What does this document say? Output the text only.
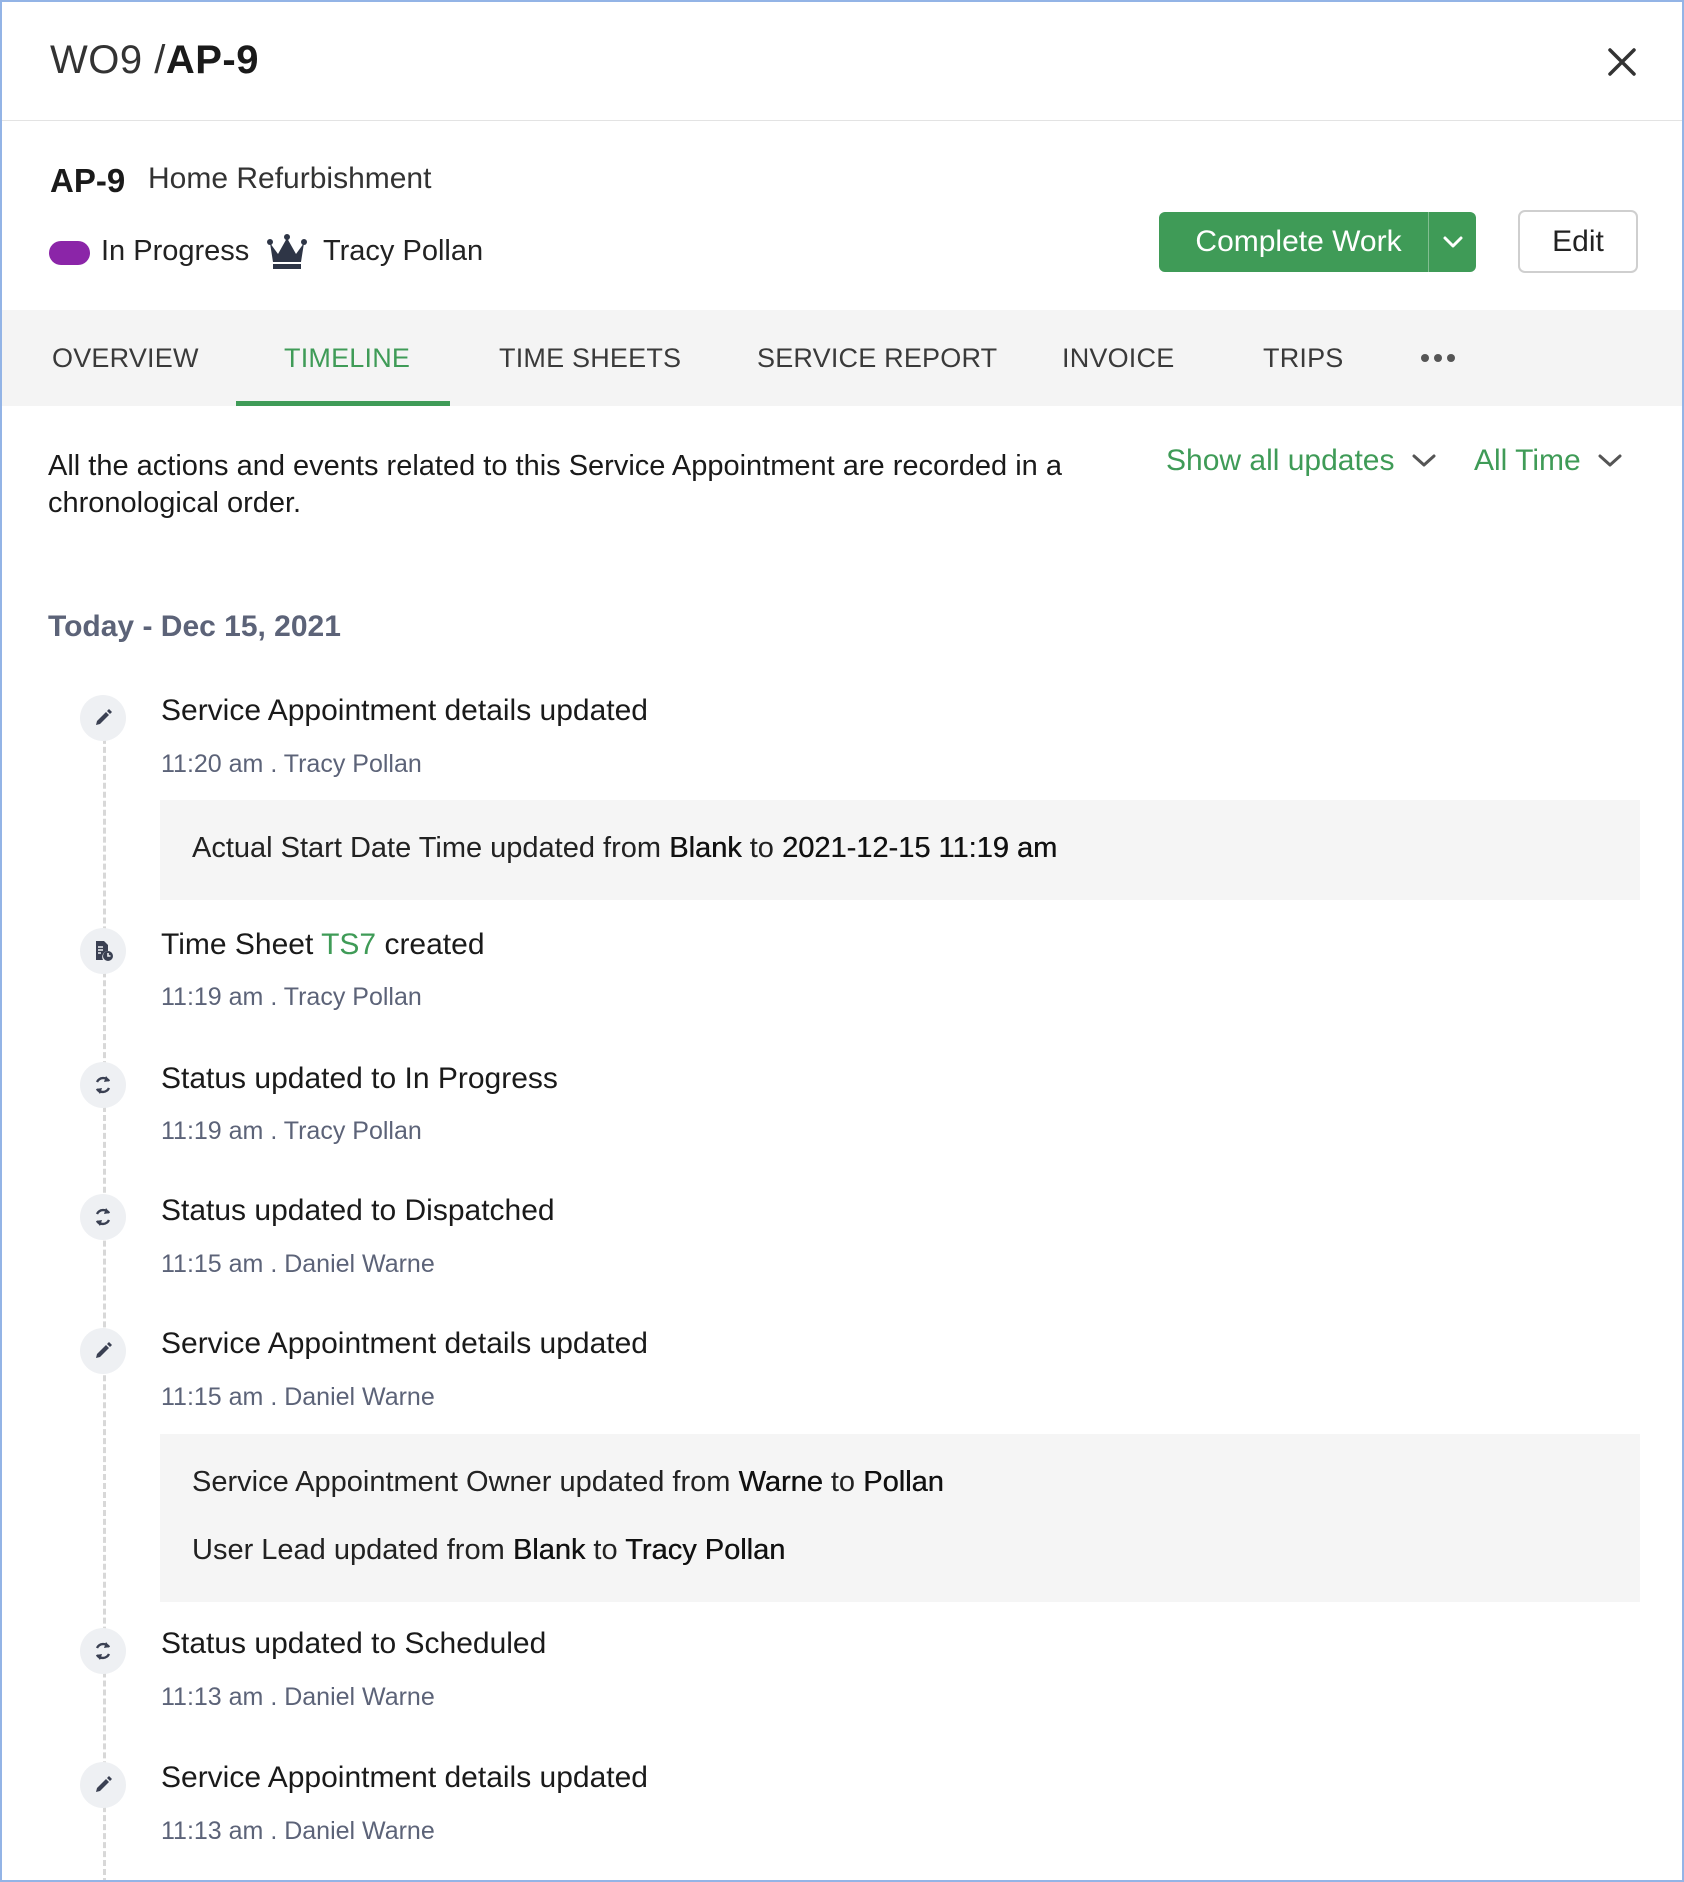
WO9 /AP-9
AP-9 Home Refurbishment
In Progress	Tracy Pollan	Complete Work	Edit
OVERVIEW	TIMELINE	TIME SHEETS	SERVICE REPORT INVOICE	TRIPS
All the actions and events related to this Service Appointment are recorded in a chronological order.
Show all updates	All Time
Today - Dec 15, 2021
Service Appointment details updated
11:20 am . Tracy Pollan
Actual Start Date Time updated from Blank to 2021-12-15 11:19 am
Time Sheet TS7 created
11:19 am . Tracy Pollan
Status updated to In Progress
11:19 am . Tracy Pollan
Status updated to Dispatched
11:15 am . Daniel Warne
Service Appointment details updated
11:15 am . Daniel Warne
Service Appointment Owner updated from Warne to Pollan
User Lead updated from Blank to Tracy Pollan
Status updated to Scheduled
11:13 am . Daniel Warne
Service Appointment details updated
11:13 am . Daniel Warne
